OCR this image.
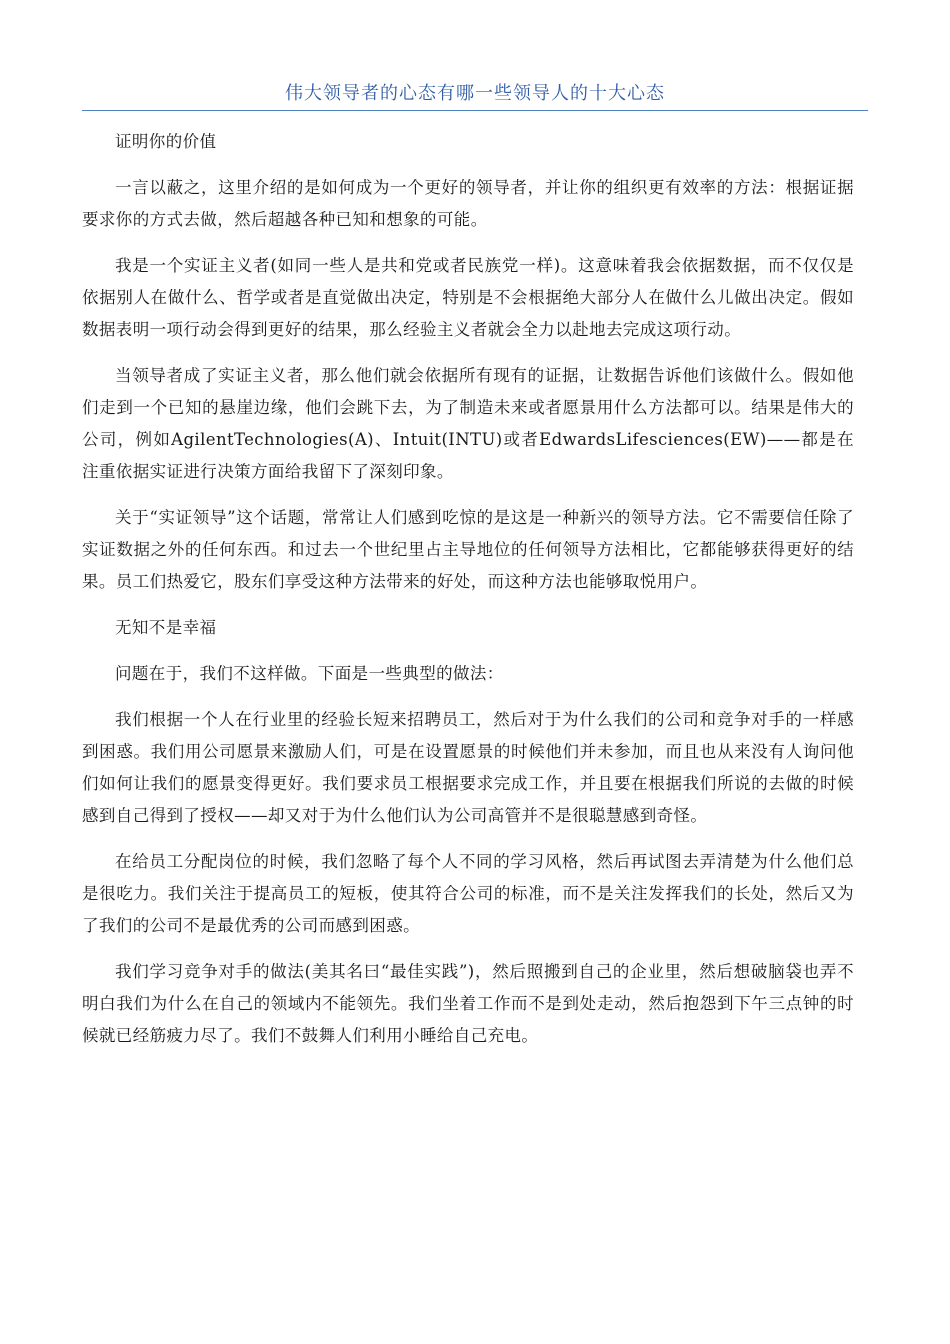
伟大领导者的心态有哪一些领导人的十大心态

证明你的价值

一言以蔽之，这里介绍的是如何成为一个更好的领导者，并让你的组织更有效率的方法：根据证据要求你的方式去做，然后超越各种已知和想象的可能。

我是一个实证主义者(如同一些人是共和党或者民族党一样)。这意味着我会依据数据，而不仅仅是依据别人在做什么、哲学或者是直觉做出决定，特别是不会根据绝大部分人在做什么儿做出决定。假如数据表明一项行动会得到更好的结果，那么经验主义者就会全力以赴地去完成这项行动。

当领导者成了实证主义者，那么他们就会依据所有现有的证据，让数据告诉他们该做什么。假如他们走到一个已知的悬崖边缘，他们会跳下去，为了制造未来或者愿景用什么方法都可以。结果是伟大的公司，例如AgilentTechnologies(A)、Intuit(INTU)或者EdwardsLifesciences(EW)——都是在注重依据实证进行决策方面给我留下了深刻印象。

关于“实证领导”这个话题，常常让人们感到吃惊的是这是一种新兴的领导方法。它不需要信任除了实证数据之外的任何东西。和过去一个世纪里占主导地位的任何领导方法相比，它都能够获得更好的结果。员工们热爱它，股东们享受这种方法带来的好处，而这种方法也能够取悦用户。

无知不是幸福

问题在于，我们不这样做。下面是一些典型的做法：

我们根据一个人在行业里的经验长短来招聘员工，然后对于为什么我们的公司和竞争对手的一样感到困惑。我们用公司愿景来激励人们，可是在设置愿景的时候他们并未参加，而且也从来没有人询问他们如何让我们的愿景变得更好。我们要求员工根据要求完成工作，并且要在根据我们所说的去做的时候感到自己得到了授权——却又对于为什么他们认为公司高管并不是很聪慧感到奇怪。

在给员工分配岗位的时候，我们忽略了每个人不同的学习风格，然后再试图去弄清楚为什么他们总是很吃力。我们关注于提高员工的短板，使其符合公司的标准，而不是关注发挥我们的长处，然后又为了我们的公司不是最优秀的公司而感到困惑。

我们学习竞争对手的做法(美其名曰“最佳实践”)，然后照搬到自己的企业里，然后想破脑袋也弄不明白我们为什么在自己的领域内不能领先。我们坐着工作而不是到处走动，然后抱怨到下午三点钟的时候就已经筋疲力尽了。我们不鼓舞人们利用小睡给自己充电。
